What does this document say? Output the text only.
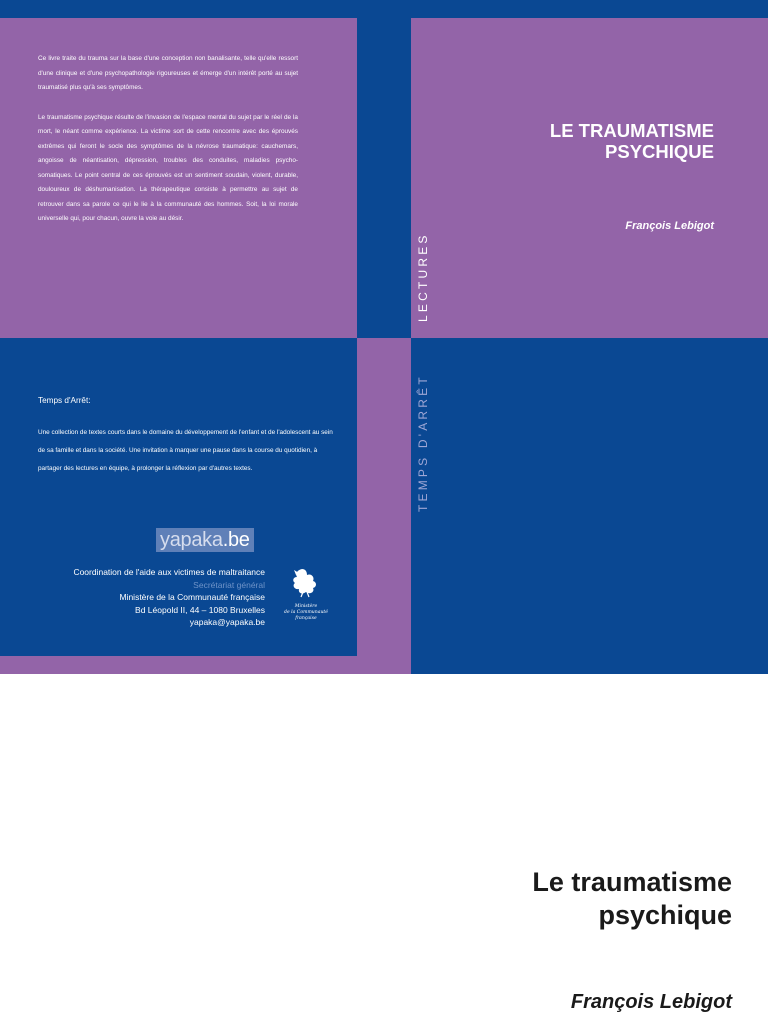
Ce livre traite du trauma sur la base d'une conception non banalisante, telle qu'elle ressort d'une clinique et d'une psychopathologie rigoureuses et émerge d'un intérêt porté au sujet traumatisé plus qu'à ses symptômes.

Le traumatisme psychique résulte de l'invasion de l'espace mental du sujet par le réel de la mort, le néant comme expérience. La victime sort de cette rencontre avec des éprouvés extrêmes qui feront le socle des symptômes de la névrose traumatique: cauchemars, angoisse de néantisation, dépression, troubles des conduites, maladies psycho-somatiques. Le point central de ces éprouvés est un sentiment soudain, violent, durable, douloureux de déshumanisation. La thérapeutique consiste à permettre au sujet de retrouver dans sa parole ce qui le lie à la communauté des hommes. Soit, la loi morale universelle qui, pour chacun, ouvre la voie au désir.

Temps d'Arrêt:
Une collection de textes courts dans le domaine du développement de l'enfant et de l'adolescent au sein de sa famille et dans la société. Une invitation à marquer une pause dans la course du quotidien, à partager des lectures en équipe, à prolonger la réflexion par d'autres textes.
yapaka.be
Coordination de l'aide aux victimes de maltraitance
Secrétariat général
Ministère de la Communauté française
Bd Léopold II, 44 – 1080 Bruxelles
yapaka@yapaka.be
Ministère
de la Communauté
française
LECTURES
TEMPS D'ARRÊT
LE TRAUMATISME
PSYCHIQUE
François Lebigot
Le traumatisme
psychique
François Lebigot
